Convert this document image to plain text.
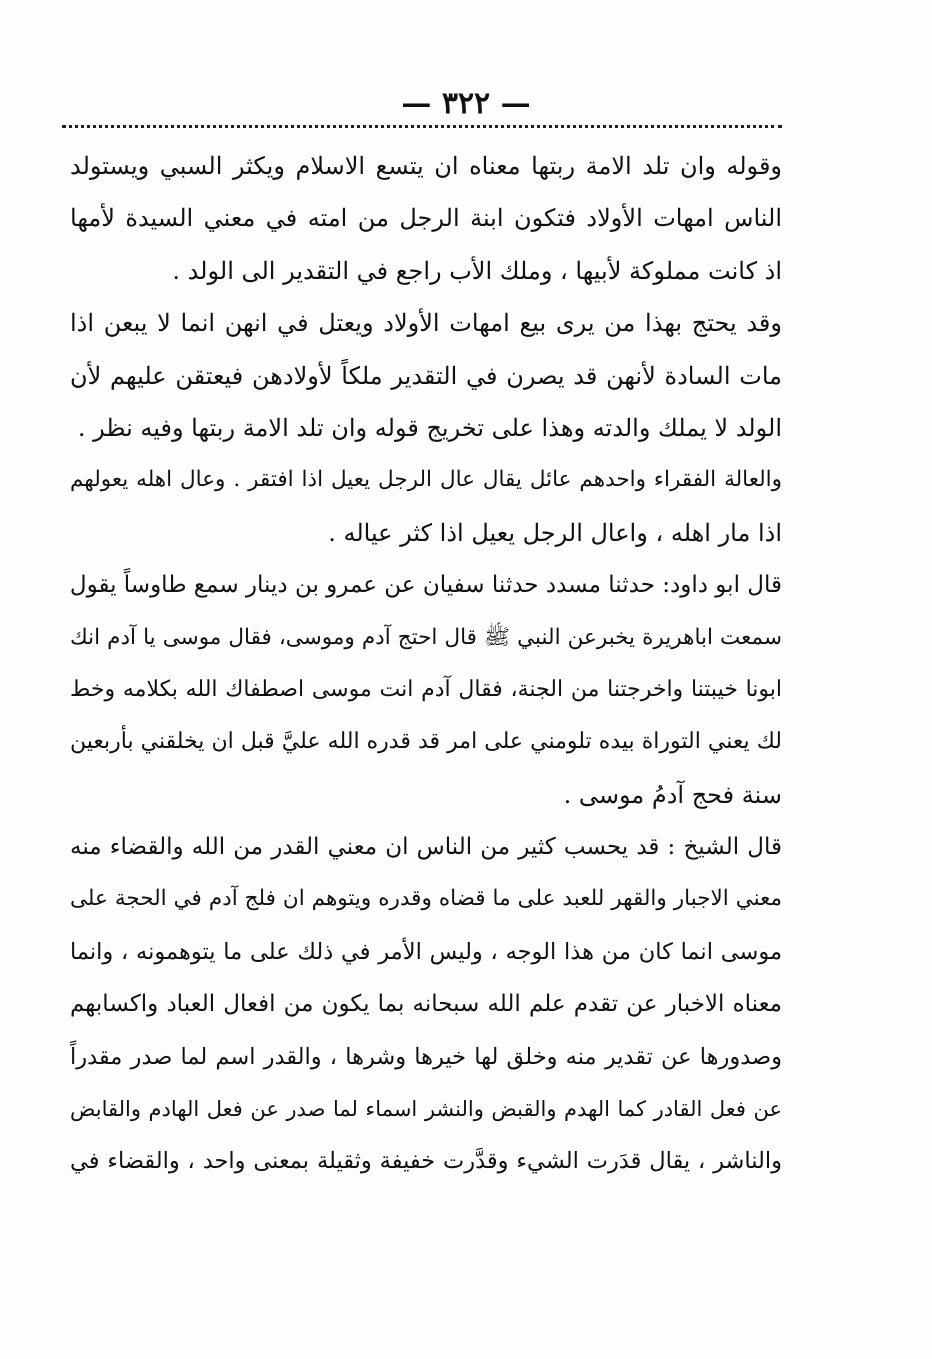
— ٣٢٢ —
وقوله وان تلد الامة ربتها معناه ان يتسع الاسلام ويكثر السبي ويستولد
الناس امهات الأولاد فتكون ابنة الرجل من امته في معني السيدة لأمها
اذ كانت مملوكة لأبيها ، وملك الأب راجع في التقدير الى الولد .
وقد يحتج بهذا من يرى بيع امهات الأولاد ويعتل في انهن انما لا يبعن اذا
مات السادة لأنهن قد يصرن في التقدير ملكاً لأولادهن فيعتقن عليهم لأن
الولد لا يملك والدته وهذا على تخريج قوله وان تلد الامة ربتها وفيه نظر .
والعالة الفقراء واحدهم عائل يقال عال الرجل يعيل اذا افتقر . وعال اهله يعولهم
اذا مار اهله ، واعال الرجل يعيل اذا كثر عياله .
قال ابو داود: حدثنا مسدد حدثنا سفيان عن عمرو بن دينار سمع طاوساً يقول
سمعت اباهريرة يخبرعن النبي ﷺ قال احتج آدم وموسى، فقال موسى يا آدم انك
ابونا خيبتنا واخرجتنا من الجنة، فقال آدم انت موسى اصطفاك الله بكلامه وخط
لك يعني التوراة بيده تلومني على امر قد قدره الله عليَّ قبل ان يخلقني بأربعين
سنة فحج آدمُ موسى .
قال الشيخ : قد يحسب كثير من الناس ان معني القدر من الله والقضاء منه
معني الاجبار والقهر للعبد على ما قضاه وقدره ويتوهم ان فلج آدم في الحجة على
موسى انما كان من هذا الوجه ، وليس الأمر في ذلك على ما يتوهمونه ، وانما
معناه الاخبار عن تقدم علم الله سبحانه بما يكون من افعال العباد واكسابهم
وصدورها عن تقدير منه وخلق لها خيرها وشرها ، والقدر اسم لما صدر مقدراً
عن فعل القادر كما الهدم والقبض والنشر اسماء لما صدر عن فعل الهادم والقابض
والناشر ، يقال قدَرت الشيء وقدَّرت خفيفة وثقيلة بمعنى واحد ، والقضاء في
